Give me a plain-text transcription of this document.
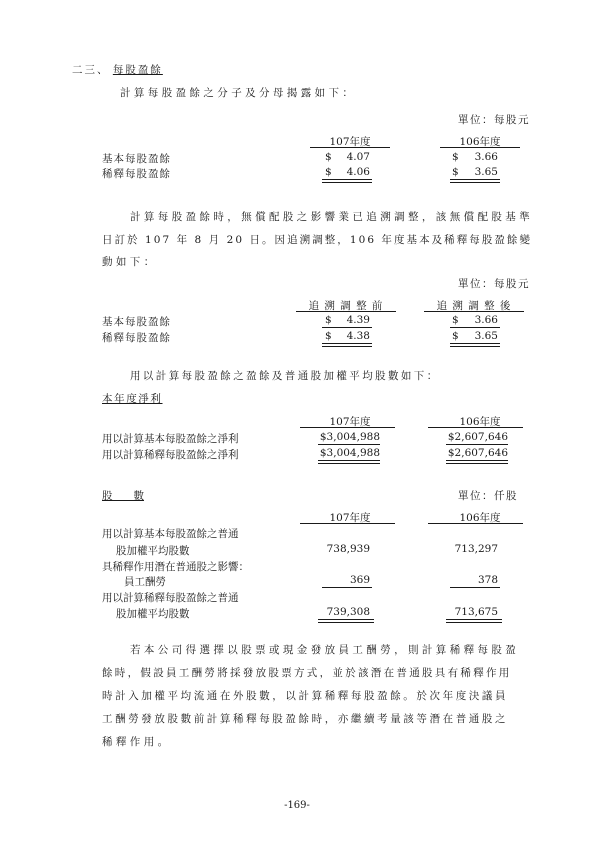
二三、 每股盈餘
計算每股盈餘之分子及分母揭露如下：
單位：每股元
107年度	106年度
基本每股盈餘	$	4.07	$	3.66
稀釋每股盈餘	$	4.06	$	3.65
計算每股盈餘時，無償配股之影響業已追溯調整，該無償配股基準
日訂於 107 年 8 月 20 日。因追溯調整，106 年度基本及稀釋每股盈餘變
動如下：
單位：每股元
追 溯 調 整 前	追 溯 調 整 後
基本每股盈餘	$	4.39	$	3.66
稀釋每股盈餘	$	4.38	$	3.65
用以計算每股盈餘之盈餘及普通股加權平均股數如下：
本年度淨利
107年度	106年度
用以計算基本每股盈餘之淨利	$3,004,988	$2,607,646
用以計算稀釋每股盈餘之淨利	$3,004,988	$2,607,646
股　　數	單位：仟股
107年度	106年度
用以計算基本每股盈餘之普通
股加權平均股數	738,939	713,297
具稀釋作用潛在普通股之影響：
員工酬勞	369	378
用以計算稀釋每股盈餘之普通
股加權平均股數	739,308	713,675
若本公司得選擇以股票或現金發放員工酬勞，則計算稀釋每股盈
餘時，假設員工酬勞將採發放股票方式，並於該潛在普通股具有稀釋作用
時計入加權平均流通在外股數，以計算稀釋每股盈餘。於次年度決議員
工酬勞發放股數前計算稀釋每股盈餘時，亦繼續考量該等潛在普通股之
稀釋作用。
-169-
